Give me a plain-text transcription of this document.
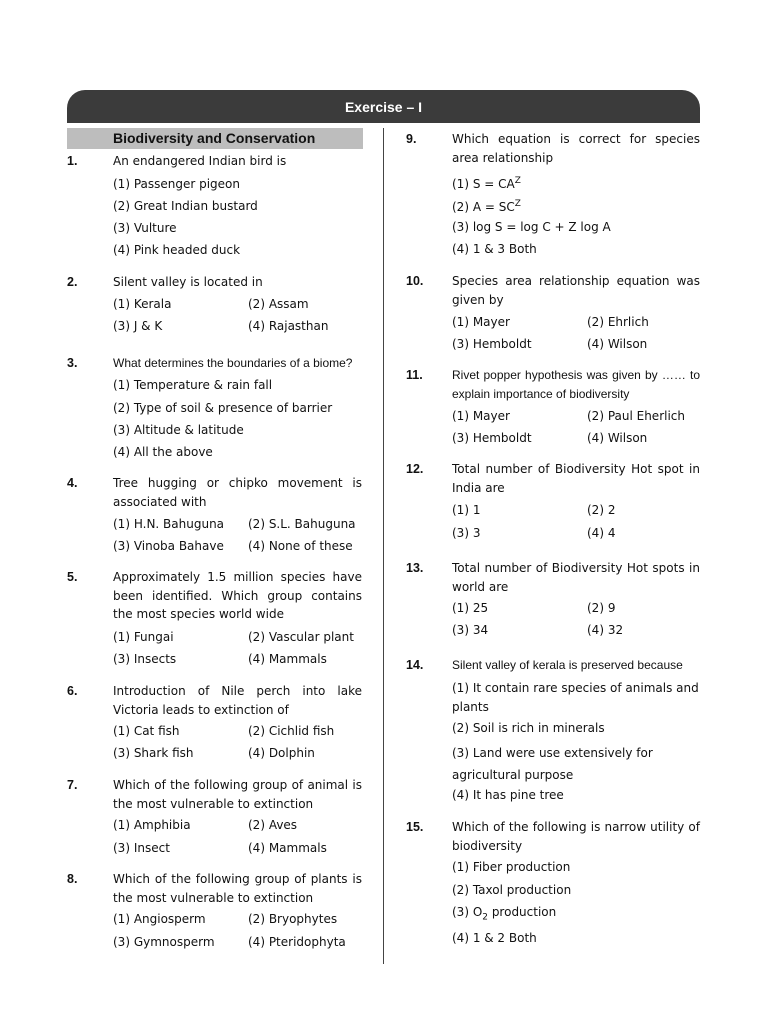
Exercise – I
Biodiversity and Conservation
1.	An endangered Indian bird is
(1) Passenger pigeon
(2) Great Indian bustard
(3) Vulture
(4) Pink headed duck
2.	Silent valley is located in
(1) Kerala	(2) Assam
(3) J & K	(4) Rajasthan
3.	What determines the boundaries of a biome?
(1) Temperature & rain fall
(2) Type of soil & presence of barrier
(3) Altitude & latitude
(4) All the above
4.	Tree hugging or chipko movement is associated with
(1) H.N. Bahuguna (2) S.L. Bahuguna
(3) Vinoba Bahave (4) None of these
5.	Approximately 1.5 million species have been identified. Which group contains the most species world wide
(1) Fungai	(2) Vascular plant
(3) Insects	(4) Mammals
6.	Introduction of Nile perch into lake Victoria leads to extinction of
(1) Cat fish	(2) Cichlid fish
(3) Shark fish	(4) Dolphin
7.	Which of the following group of animal is the most vulnerable to extinction
(1) Amphibia	(2) Aves
(3) Insect	(4) Mammals
8.	Which of the following group of plants is the most vulnerable to extinction
(1) Angiosperm	(2) Bryophytes
(3) Gymnosperm	(4) Pteridophyta
9.	Which equation is correct for species area relationship
(1) $S = CA^Z$
(2) $A = SC^Z$
(3) log S = log C + Z log A
(4) 1 & 3 Both
10. Species area relationship equation was given by
(1) Mayer	(2) Ehrlich
(3) Hemboldt	(4) Wilson
11. Rivet popper hypothesis was given by …… to explain importance of biodiversity
(1) Mayer	(2) Paul Eherlich
(3) Hemboldt	(4) Wilson
12. Total number of Biodiversity Hot spot in India are
(1) 1	(2) 2
(3) 3	(4) 4
13. Total number of Biodiversity Hot spots in world are
(1) 25	(2) 9
(3) 34	(4) 32
14. Silent valley of kerala is preserved because
(1) It contain rare species of animals and plants
(2) Soil is rich in minerals
(3) Land were use extensively for agricultural purpose
(4) It has pine tree
15. Which of the following is narrow utility of biodiversity
(1) Fiber production
(2) Taxol production
(3) $O_2$ production
(4) 1 & 2 Both
